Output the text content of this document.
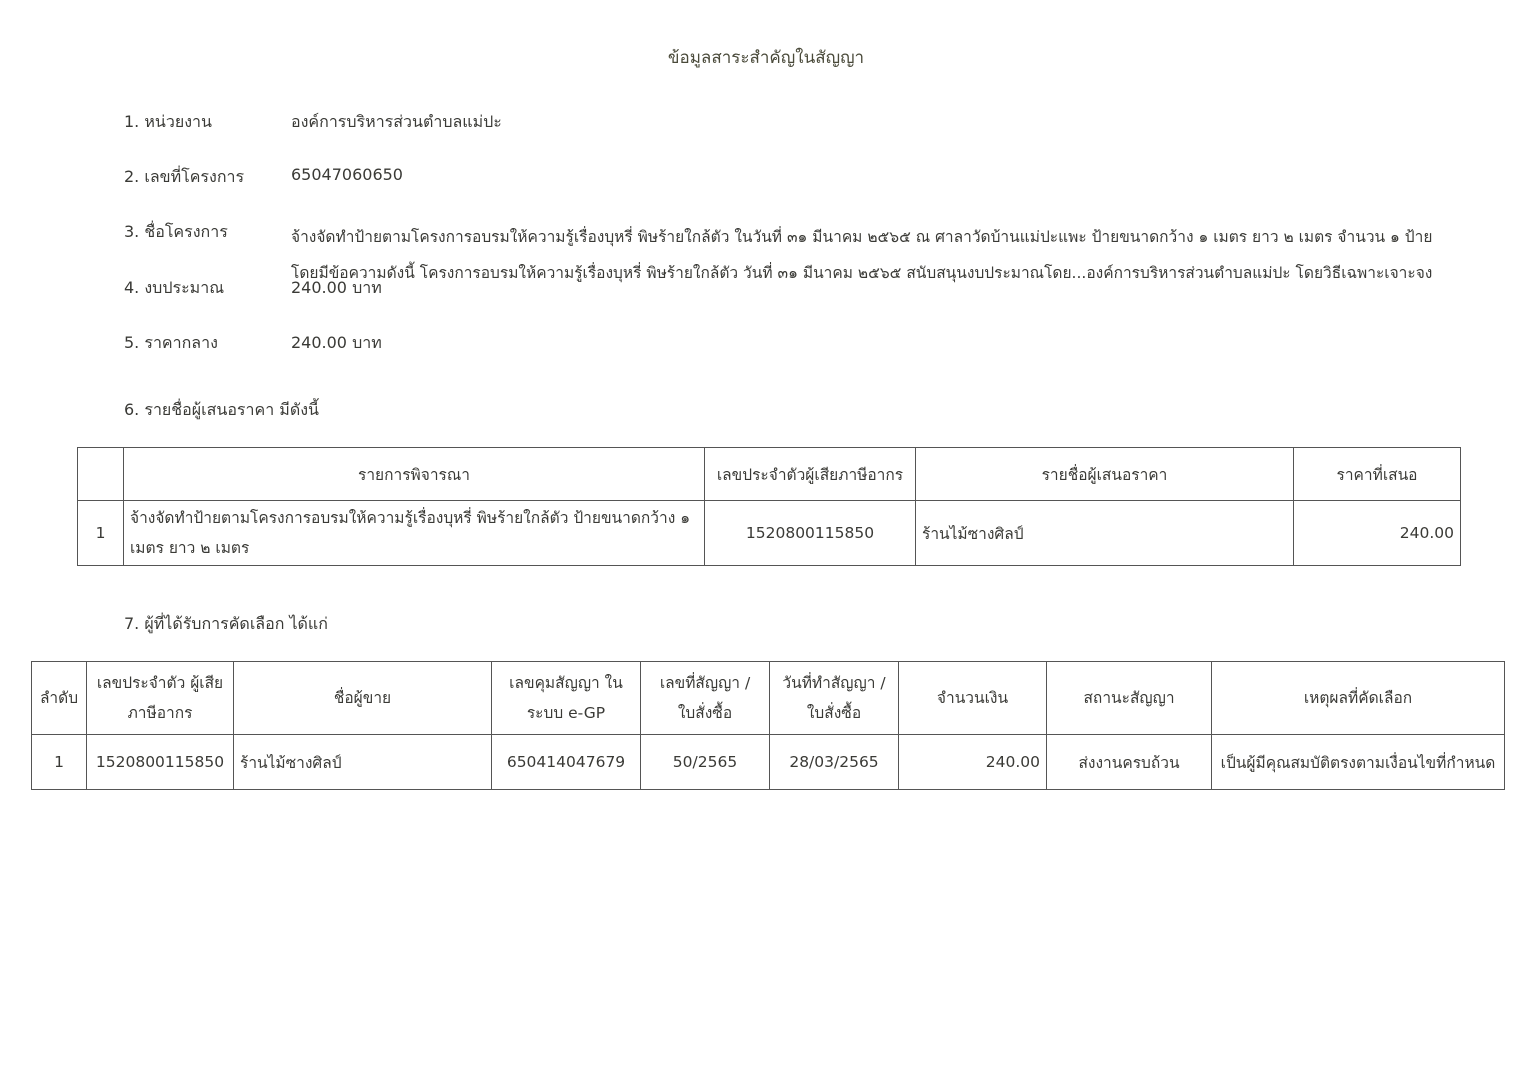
ข้อมูลสาระสำคัญในสัญญา
1. หน่วยงาน	องค์การบริหารส่วนตำบลแม่ปะ
2. เลขที่โครงการ	65047060650
3. ชื่อโครงการ	จ้างจัดทำป้ายตามโครงการอบรมให้ความรู้เรื่องบุหรี่ พิษร้ายใกล้ตัว ในวันที่ ๓๑ มีนาคม ๒๕๖๕ ณ ศาลาวัดบ้านแม่ปะแพะ ป้ายขนาดกว้าง ๑ เมตร ยาว ๒ เมตร จำนวน ๑ ป้าย
โดยมีข้อความดังนี้ โครงการอบรมให้ความรู้เรื่องบุหรี่ พิษร้ายใกล้ตัว วันที่ ๓๑ มีนาคม ๒๕๖๕ สนับสนุนงบประมาณโดย...องค์การบริหารส่วนตำบลแม่ปะ โดยวิธีเฉพาะเจาะจง
4. งบประมาณ	240.00 บาท
5. ราคากลาง	240.00 บาท
6. รายชื่อผู้เสนอราคา มีดังนี้
	รายการพิจารณา	เลขประจำตัวผู้เสียภาษีอากร	รายชื่อผู้เสนอราคา	ราคาที่เสนอ
1	จ้างจัดทำป้ายตามโครงการอบรมให้ความรู้เรื่องบุหรี่ พิษร้ายใกล้ตัว ป้ายขนาดกว้าง ๑ เมตร ยาว ๒ เมตร	1520800115850	ร้านไม้ซางศิลป์	240.00
7. ผู้ที่ได้รับการคัดเลือก ได้แก่
ลำดับ	เลขประจำตัว ผู้เสียภาษีอากร	ชื่อผู้ขาย	เลขคุมสัญญา ในระบบ e-GP	เลขที่สัญญา / ใบสั่งซื้อ	วันที่ทำสัญญา / ใบสั่งซื้อ	จำนวนเงิน	สถานะสัญญา	เหตุผลที่คัดเลือก
1	1520800115850	ร้านไม้ซางศิลป์	650414047679	50/2565	28/03/2565	240.00	ส่งงานครบถ้วน	เป็นผู้มีคุณสมบัติตรงตามเงื่อนไขที่กำหนด
